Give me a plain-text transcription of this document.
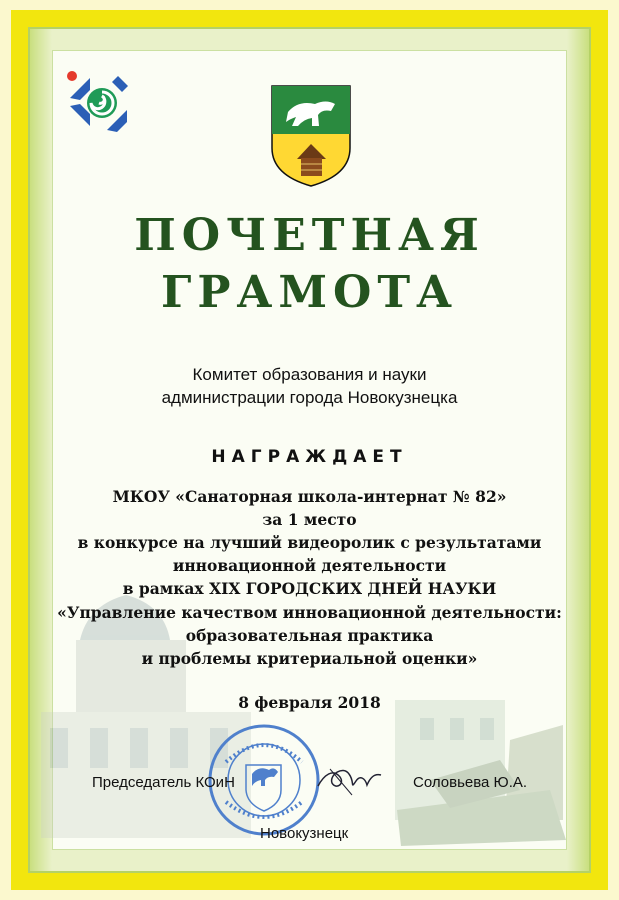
ПОЧЕТНАЯ
ГРАМОТА
Комитет образования и науки
администрации города Новокузнецка
НАГРАЖДАЕТ
МКОУ «Санаторная школа-интернат № 82»
за 1 место
в конкурсе на лучший видеоролик с результатами
инновационной деятельности
в рамках XIX ГОРОДСКИХ ДНЕЙ НАУКИ
«Управление качеством инновационной деятельности:
образовательная практика
и проблемы критериальной оценки»
8 февраля 2018
Председатель КОиН	Соловьева Ю.А.
Новокузнецк
